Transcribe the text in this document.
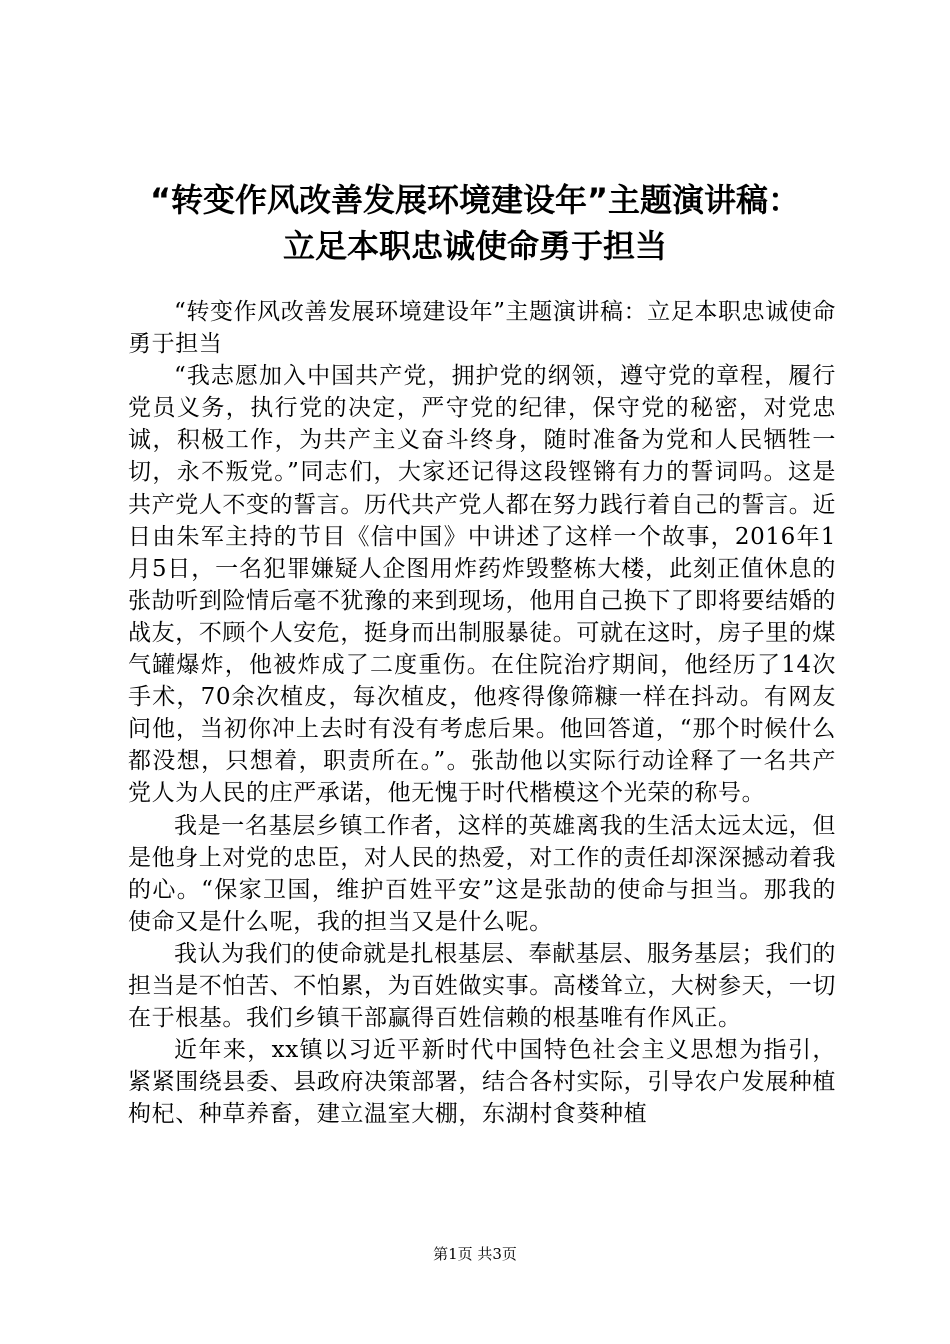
“转变作风改善发展环境建设年”主题演讲稿：
立足本职忠诚使命勇于担当

“转变作风改善发展环境建设年”主题演讲稿：立足本职忠诚使命勇于担当

“我志愿加入中国共产党，拥护党的纲领，遵守党的章程，履行党员义务，执行党的决定，严守党的纪律，保守党的秘密，对党忠诚，积极工作，为共产主义奋斗终身，随时准备为党和人民牺牲一切，永不叛党。”同志们，大家还记得这段铿锵有力的誓词吗。这是共产党人不变的誓言。历代共产党人都在努力践行着自己的誓言。近日由朱军主持的节目《信中国》中讲述了这样一个故事，2016年1月5日，一名犯罪嫌疑人企图用炸药炸毁整栋大楼，此刻正值休息的张劼听到险情后毫不犹豫的来到现场，他用自己换下了即将要结婚的战友，不顾个人安危，挺身而出制服暴徒。可就在这时，房子里的煤气罐爆炸，他被炸成了二度重伤。在住院治疗期间，他经历了14次手术，70余次植皮，每次植皮，他疼得像筛糠一样在抖动。有网友问他，当初你冲上去时有没有考虑后果。他回答道，“那个时候什么都没想，只想着，职责所在。”。张劼他以实际行动诠释了一名共产党人为人民的庄严承诺，他无愧于时代楷模这个光荣的称号。

我是一名基层乡镇工作者，这样的英雄离我的生活太远太远，但是他身上对党的忠臣，对人民的热爱，对工作的责任却深深撼动着我的心。“保家卫国，维护百姓平安”这是张劼的使命与担当。那我的使命又是什么呢，我的担当又是什么呢。

我认为我们的使命就是扎根基层、奉献基层、服务基层；我们的担当是不怕苦、不怕累，为百姓做实事。高楼耸立，大树参天，一切在于根基。我们乡镇干部赢得百姓信赖的根基唯有作风正。

近年来，xx镇以习近平新时代中国特色社会主义思想为指引，紧紧围绕县委、县政府决策部署，结合各村实际，引导农户发展种植枸杞、种草养畜，建立温室大棚，东湖村食葵种植

第1页 共3页
